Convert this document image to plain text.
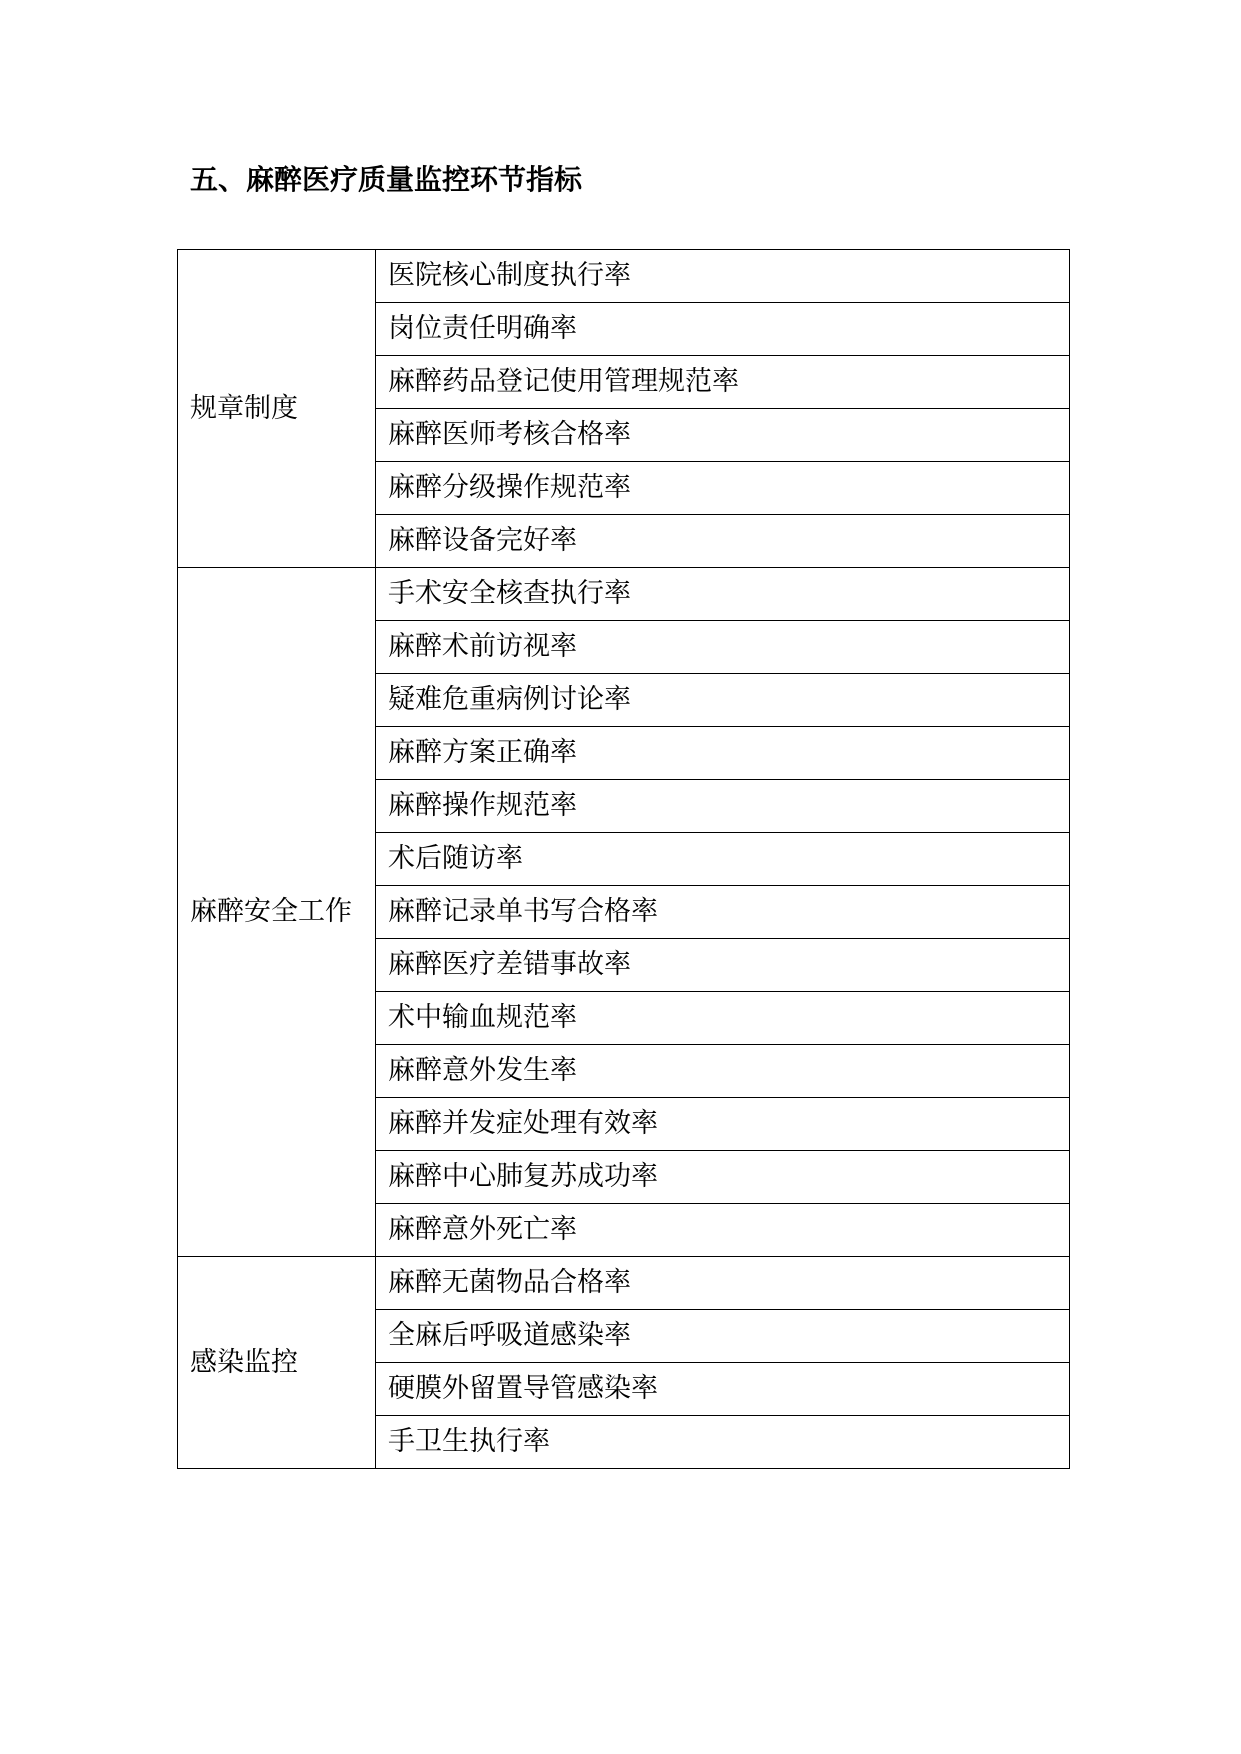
五、麻醉医疗质量监控环节指标
规章制度	医院核心制度执行率
	岗位责任明确率
	麻醉药品登记使用管理规范率
	麻醉医师考核合格率
	麻醉分级操作规范率
	麻醉设备完好率
麻醉安全工作	手术安全核查执行率
	麻醉术前访视率
	疑难危重病例讨论率
	麻醉方案正确率
	麻醉操作规范率
	术后随访率
	麻醉记录单书写合格率
	麻醉医疗差错事故率
	术中输血规范率
	麻醉意外发生率
	麻醉并发症处理有效率
	麻醉中心肺复苏成功率
	麻醉意外死亡率
感染监控	麻醉无菌物品合格率
	全麻后呼吸道感染率
	硬膜外留置导管感染率
	手卫生执行率
